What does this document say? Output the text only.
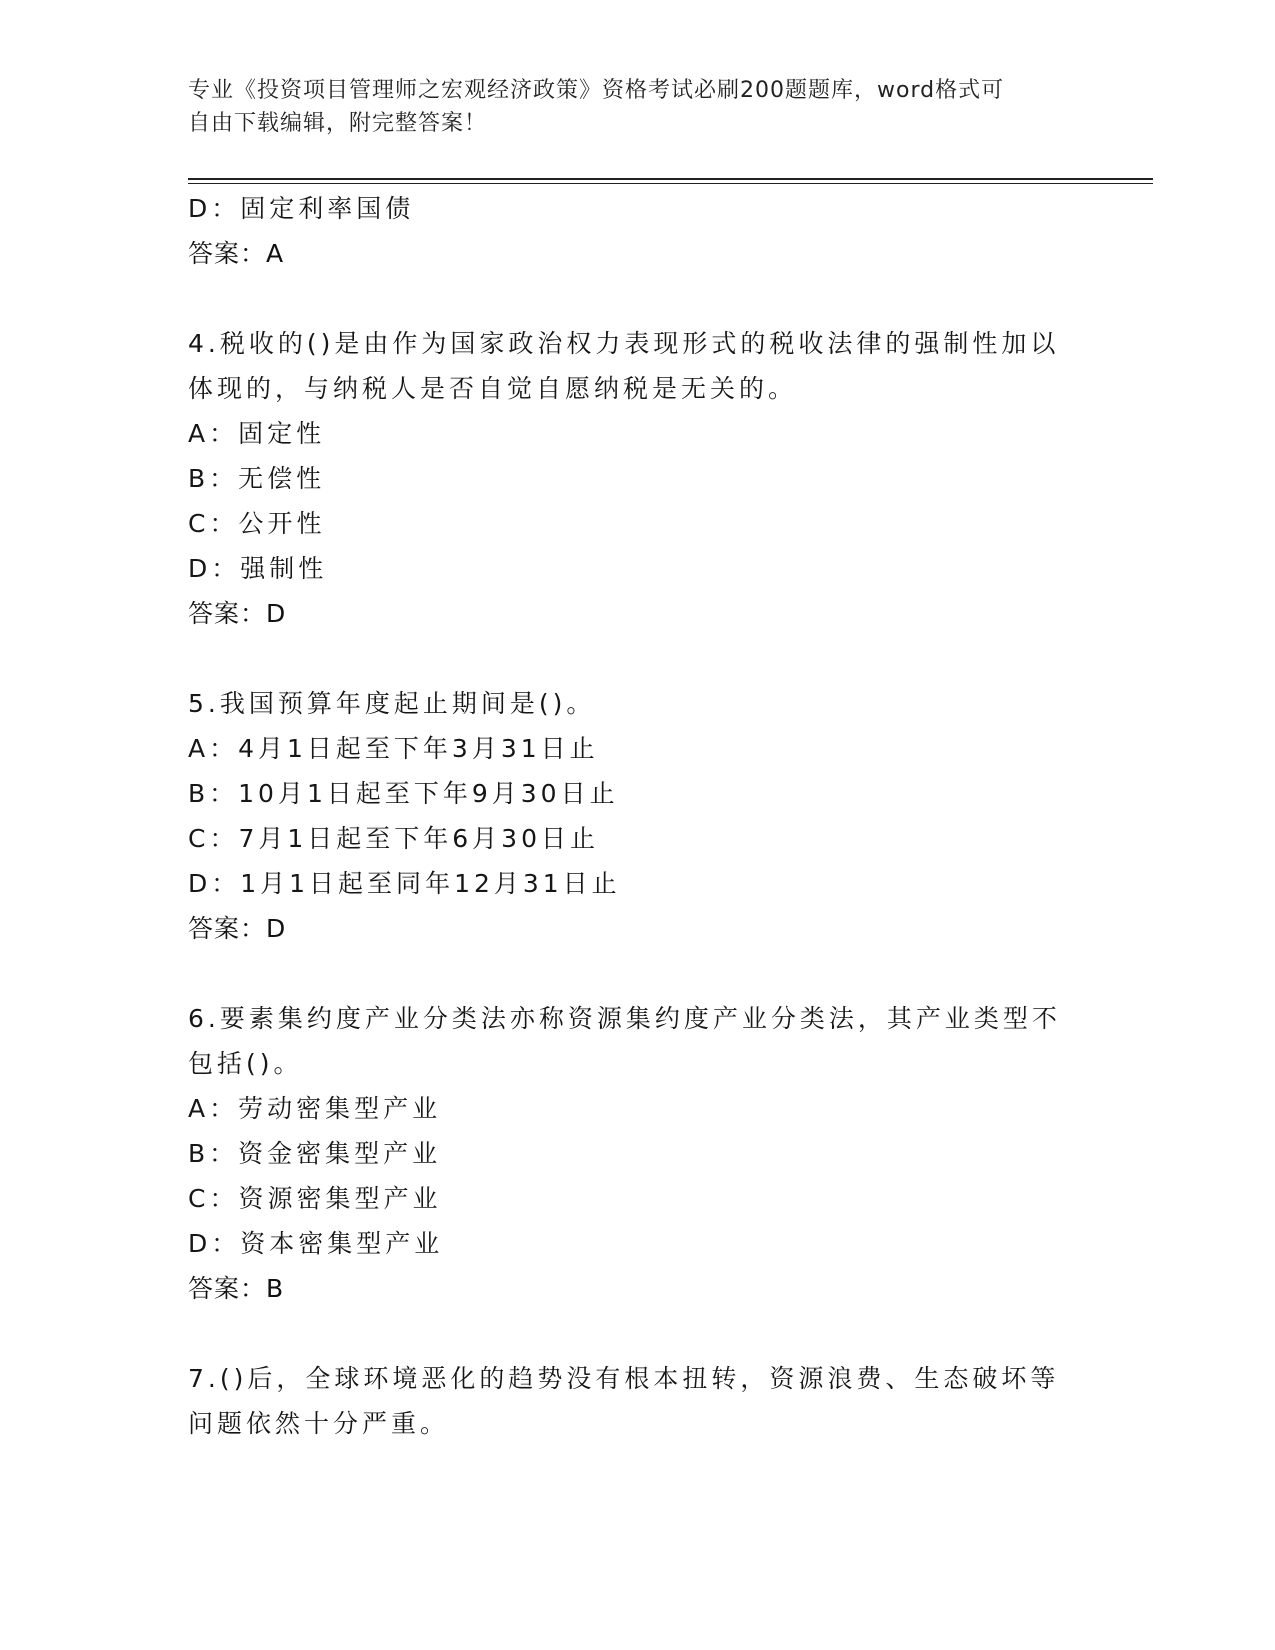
专业《投资项目管理师之宏观经济政策》资格考试必刷200题题库，word格式可
自由下载编辑，附完整答案！
D：固定利率国债
答案：A
4.税收的()是由作为国家政治权力表现形式的税收法律的强制性加以
体现的，与纳税人是否自觉自愿纳税是无关的。
A：固定性
B：无偿性
C：公开性
D：强制性
答案：D
5.我国预算年度起止期间是()。
A：4月1日起至下年3月31日止
B：10月1日起至下年9月30日止
C：7月1日起至下年6月30日止
D：1月1日起至同年12月31日止
答案：D
6.要素集约度产业分类法亦称资源集约度产业分类法，其产业类型不
包括()。
A：劳动密集型产业
B：资金密集型产业
C：资源密集型产业
D：资本密集型产业
答案：B
7.()后，全球环境恶化的趋势没有根本扭转，资源浪费、生态破坏等
问题依然十分严重。
